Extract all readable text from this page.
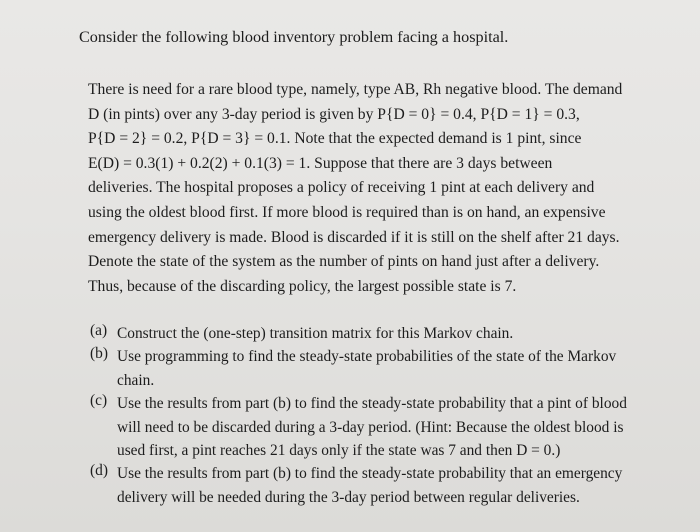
Consider the following blood inventory problem facing a hospital.
There is need for a rare blood type, namely, type AB, Rh negative blood. The demand
D (in pints) over any 3-day period is given by P{D = 0} = 0.4, P{D = 1} = 0.3,
P{D = 2} = 0.2, P{D = 3} = 0.1. Note that the expected demand is 1 pint, since
E(D) = 0.3(1) + 0.2(2) + 0.1(3) = 1. Suppose that there are 3 days between
deliveries. The hospital proposes a policy of receiving 1 pint at each delivery and
using the oldest blood first. If more blood is required than is on hand, an expensive
emergency delivery is made. Blood is discarded if it is still on the shelf after 21 days.
Denote the state of the system as the number of pints on hand just after a delivery.
Thus, because of the discarding policy, the largest possible state is 7.
(a) Construct the (one-step) transition matrix for this Markov chain.
(b) Use programming to find the steady-state probabilities of the state of the Markov
chain.
(c) Use the results from part (b) to find the steady-state probability that a pint of blood
will need to be discarded during a 3-day period. (Hint: Because the oldest blood is
used first, a pint reaches 21 days only if the state was 7 and then D = 0.)
(d) Use the results from part (b) to find the steady-state probability that an emergency
delivery will be needed during the 3-day period between regular deliveries.
